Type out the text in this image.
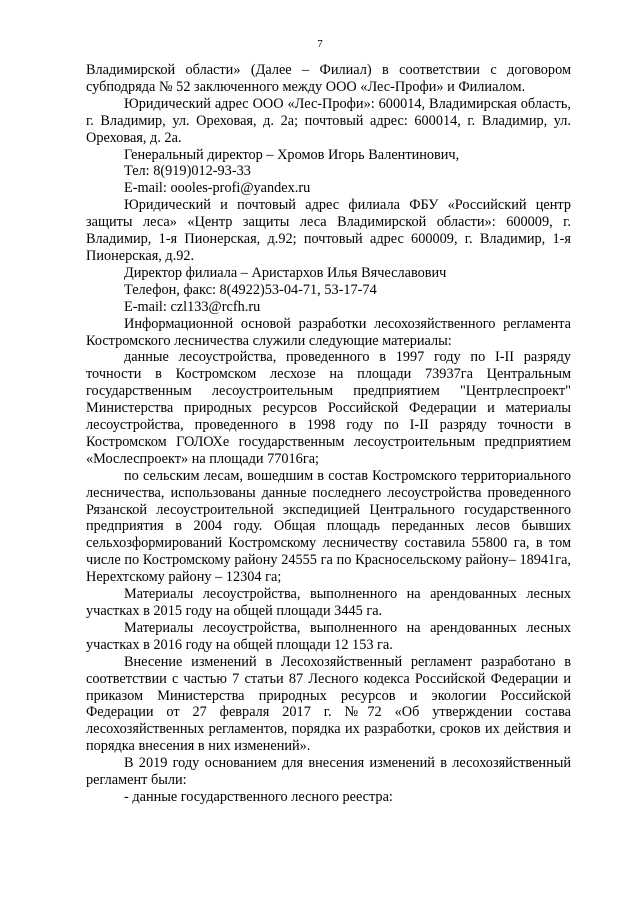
7

Владимирской области» (Далее – Филиал) в соответствии с договором субподряда № 52 заключенного между ООО «Лес-Профи» и Филиалом.

Юридический адрес ООО «Лес-Профи»: 600014, Владимирская область, г. Владимир, ул. Ореховая, д. 2а; почтовый адрес: 600014, г. Владимир, ул. Ореховая, д. 2а.

Генеральный директор – Хромов Игорь Валентинович,

Тел: 8(919)012-93-33

E-mail: oooles-profi@yandex.ru

Юридический и почтовый адрес филиала ФБУ «Российский центр защиты леса» «Центр защиты леса Владимирской области»: 600009, г. Владимир, 1-я Пионерская, д.92; почтовый адрес 600009, г. Владимир, 1-я Пионерская, д.92.

Директор филиала – Аристархов Илья Вячеславович

Телефон, факс: 8(4922)53-04-71, 53-17-74

E-mail: czl133@rcfh.ru

Информационной основой разработки лесохозяйственного регламента Костромского лесничества служили следующие материалы:

данные лесоустройства, проведенного в 1997 году по I-II разряду точности в Костромском лесхозе на площади 73937га Центральным государственным лесоустроительным предприятием "Центрлеспроект" Министерства природных ресурсов Российской Федерации и материалы лесоустройства, проведенного в 1998 году по I-II разряду точности в Костромском ГОЛОХе государственным лесоустроительным предприятием «Мослеспроект» на площади 77016га;

по сельским лесам, вошедшим в состав Костромского территориального лесничества, использованы данные последнего лесоустройства проведенного Рязанской лесоустроительной экспедицией Центрального государственного предприятия в 2004 году. Общая площадь переданных лесов бывших сельхозформирований Костромскому лесничеству составила 55800 га, в том числе по Костромскому району 24555 га по Красносельскому району– 18941га, Нерехтскому району – 12304 га;

Материалы лесоустройства, выполненного на арендованных лесных участках в 2015 году на общей площади 3445 га.

Материалы лесоустройства, выполненного на арендованных лесных участках в 2016 году на общей площади 12 153 га.

Внесение изменений в Лесохозяйственный регламент разработано в соответствии с частью 7 статьи 87 Лесного кодекса Российской Федерации и приказом Министерства природных ресурсов и экологии Российской Федерации от 27 февраля 2017 г. №72 «Об утверждении состава лесохозяйственных регламентов, порядка их разработки, сроков их действия и порядка внесения в них изменений».

В 2019 году основанием для внесения изменений в лесохозяйственный регламент были:

- данные государственного лесного реестра:
